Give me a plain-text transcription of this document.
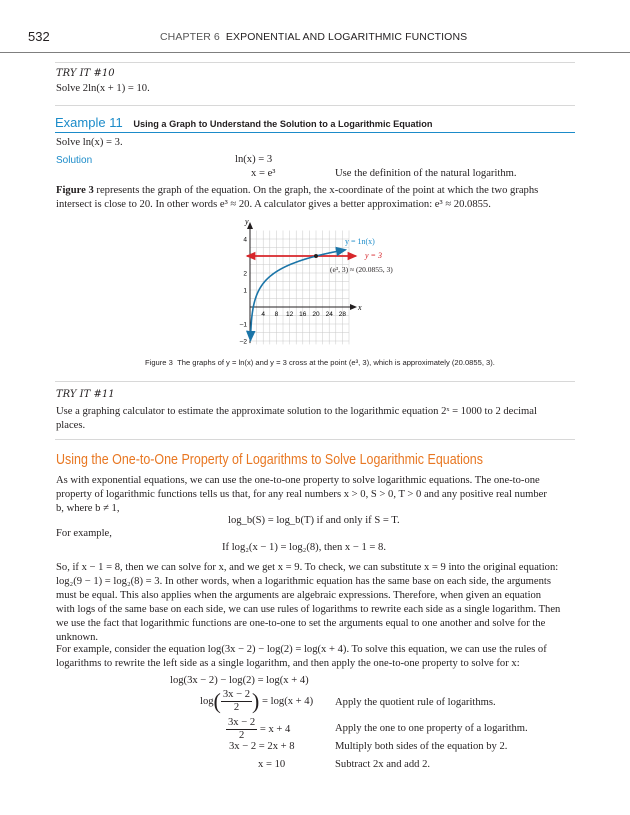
532	CHAPTER 6 EXPONENTIAL AND LOGARITHMIC FUNCTIONS
TRY IT #10
Solve 2ln(x + 1) = 10.
Example 11 Using a Graph to Understand the Solution to a Logarithmic Equation
Solve ln(x) = 3.
Solution	ln(x) = 3
x = e³	Use the definition of the natural logarithm.
Figure 3 represents the graph of the equation. On the graph, the x-coordinate of the point at which the two graphs
intersect is close to 20. In other words e³ ≈ 20. A calculator gives a better approximation: e³ ≈ 20.0855.
y
x
4 8 12 16 20 24 28
4
2
1
–1
–2
y = 1n(x)
y = 3
(e³, 3) ≈ (20.0855, 3)
Figure 3 The graphs of y = ln(x) and y = 3 cross at the point (e³, 3), which is approximately (20.0855, 3).
TRY IT #11
Use a graphing calculator to estimate the approximate solution to the logarithmic equation 2ˣ = 1000 to 2 decimal
places.
Using the One-to-One Property of Logarithms to Solve Logarithmic Equations
As with exponential equations, we can use the one-to-one property to solve logarithmic equations. The one-to-one
property of logarithmic functions tells us that, for any real numbers x > 0, S > 0, T > 0 and any positive real number
b, where b ≠ 1,
log_b(S) = log_b(T) if and only if S = T.
For example,
If log₂(x − 1) = log₂(8), then x − 1 = 8.
So, if x − 1 = 8, then we can solve for x, and we get x = 9. To check, we can substitute x = 9 into the original equation:
log₂(9 − 1) = log₂(8) = 3. In other words, when a logarithmic equation has the same base on each side, the arguments
must be equal. This also applies when the arguments are algebraic expressions. Therefore, when given an equation
with logs of the same base on each side, we can use rules of logarithms to rewrite each side as a single logarithm. Then
we use the fact that logarithmic functions are one-to-one to set the arguments equal to one another and solve for the
unknown.
For example, consider the equation log(3x − 2) − log(2) = log(x + 4). To solve this equation, we can use the rules of
logarithms to rewrite the left side as a single logarithm, and then apply the one-to-one property to solve for x:
log(3x − 2) − log(2) = log(x + 4)
$\log( \frac{3x - 2}{2}$ ) = log(x + 4) Apply the quotient rule of logarithms.
$\frac{3x - 2}{2} = x + 4$	Apply the one to one property of a logarithm.
3x − 2 = 2x + 8	Multiply both sides of the equation by 2.
x = 10	Subtract 2x and add 2.
